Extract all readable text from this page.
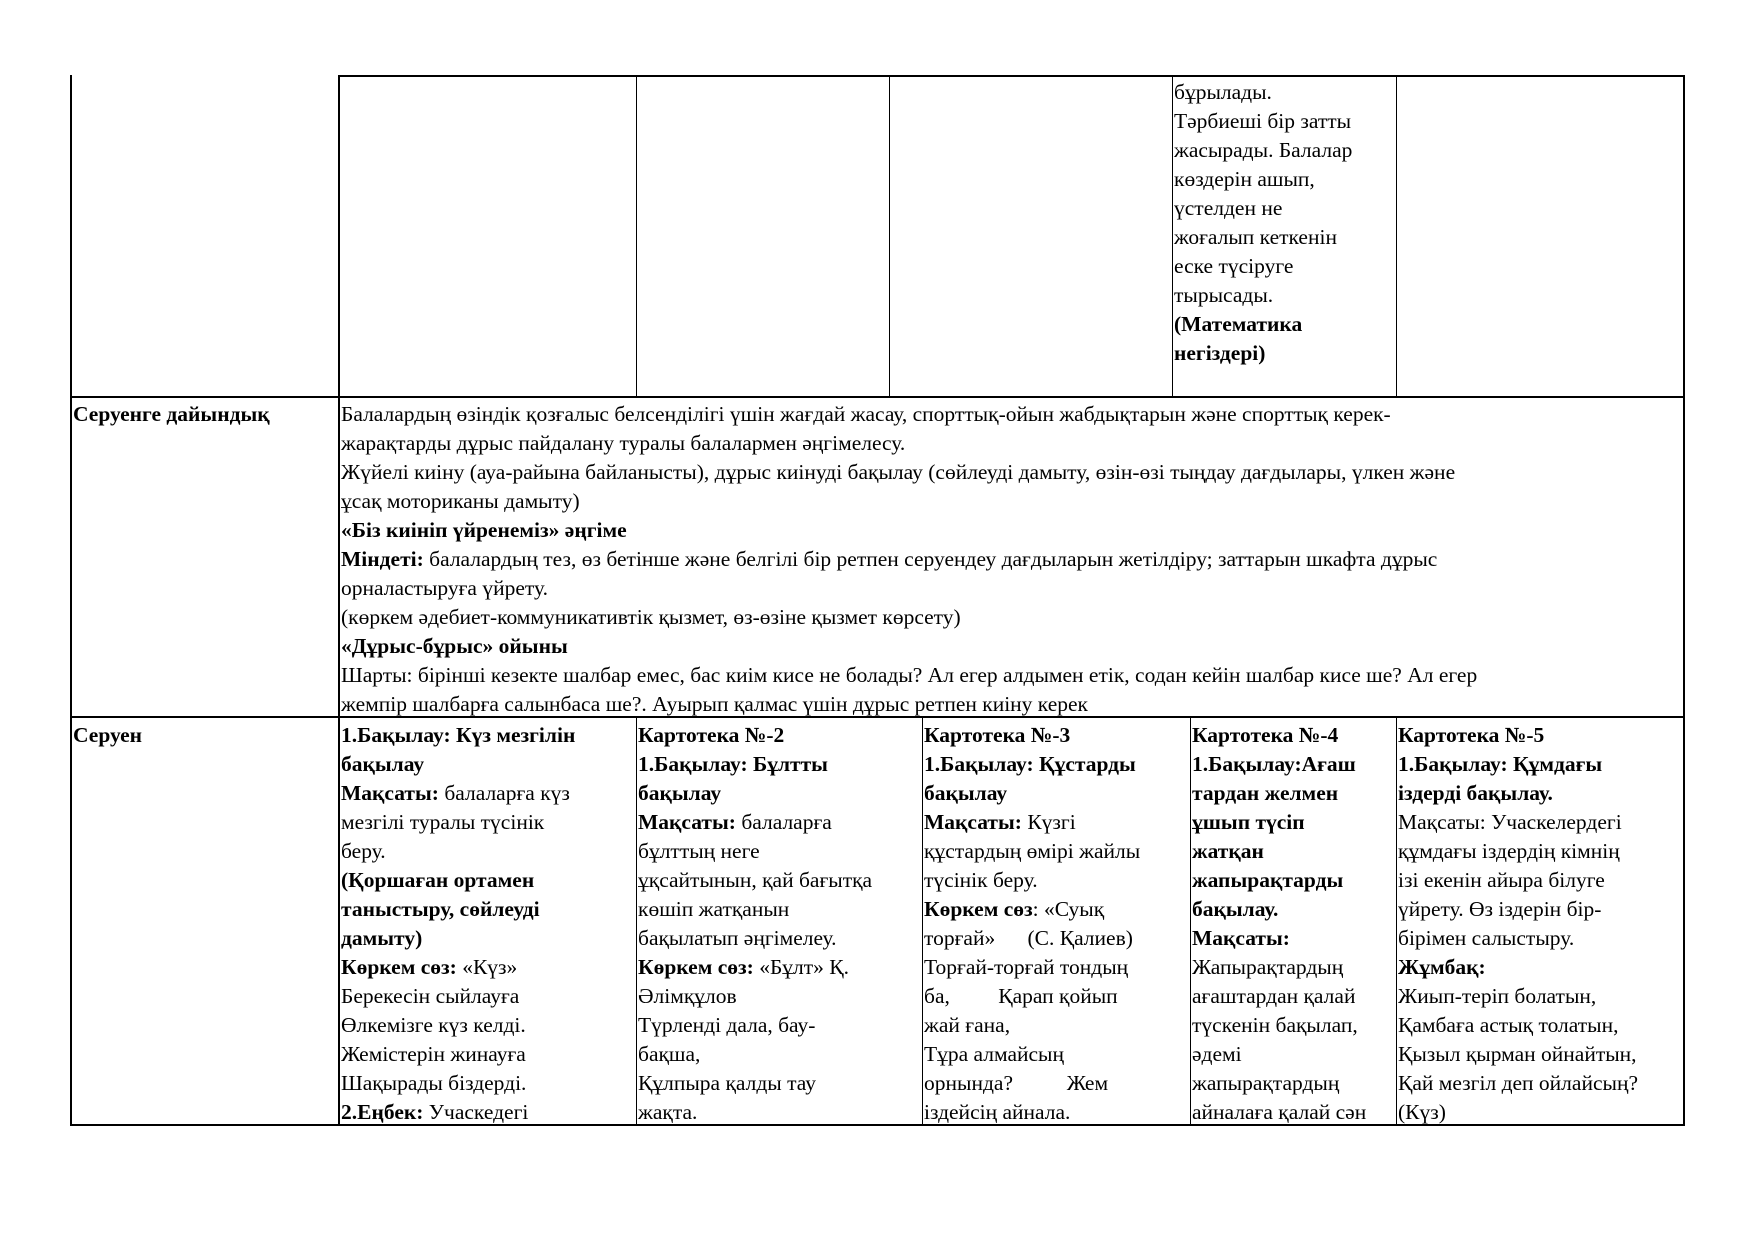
бұрылады.
Тәрбиеші бір затты
жасырады. Балалар
көздерін ашып,
үстелден не
жоғалып кеткенін
еске түсіруге
тырысады.
(Математика
негіздері)
Серуенге дайындық	Балалардың өзіндік қозғалыс белсенділігі үшін жағдай жасау, спорттық-ойын жабдықтарын және спорттық керек-
жарақтарды дұрыс пайдалану туралы балалармен әңгімелесу.
Жүйелі киіну (ауа-райына байланысты), дұрыс киінуді бақылау (сөйлеуді дамыту, өзін-өзі тыңдау дағдылары, үлкен және
ұсақ моториканы дамыту)
«Біз киініп үйренеміз» әңгіме
Міндеті: балалардың тез, өз бетінше және белгілі бір ретпен серуендеу дағдыларын жетілдіру; заттарын шкафта дұрыс
орналастыруға үйрету.
(көркем әдебиет-коммуникативтік қызмет, өз-өзіне қызмет көрсету)
«Дұрыс-бұрыс» ойыны
Шарты: бірінші кезекте шалбар емес, бас киім кисе не болады? Ал егер алдымен етік, содан кейін шалбар кисе ше? Ал егер
жемпір шалбарға салынбаса ше?. Ауырып қалмас үшін дұрыс ретпен киіну керек
Серуен	1.Бақылау: Күз мезгілін
бақылау
Мақсаты: балаларға күз
мезгілі туралы түсінік
беру.
(Қоршаған ортамен
таныстыру, сөйлеуді
дамыту)
Көркем сөз: «Күз»
Берекесін сыйлауға
Өлкемізге күз келді.
Жемістерін жинауға
Шақырады біздерді.
2.Еңбек: Учаскедегі
Картотека №-2
1.Бақылау: Бұлтты
бақылау
Мақсаты: балаларға
бұлттың неге
ұқсайтынын, қай бағытқа
көшіп жатқанын
бақылатып әңгімелеу.
Көркем сөз: «Бұлт» Қ.
Әлімқұлов
Түрленді дала, бау-
бақша,
Құлпыра қалды тау
жақта.
Картотека №-3
1.Бақылау: Құстарды
бақылау
Мақсаты: Күзгі
құстардың өмірі жайлы
түсінік беру.
Көркем сөз: «Суық
торғай»      (С. Қалиев)
Торғай-торғай тондың
ба,         Қарап қойып
жай ғана,
Тұра алмайсың
орнында?          Жем
іздейсің айнала.
Картотека №-4
1.Бақылау:Ағаш
тардан желмен
ұшып түсіп
жатқан
жапырақтарды
бақылау.
Мақсаты:
Жапырақтардың
ағаштардан қалай
түскенін бақылап,
әдемі
жапырақтардың
айналаға қалай сән
Картотека №-5
1.Бақылау: Құмдағы
іздерді бақылау.
Мақсаты: Учаскелердегі
құмдағы іздердің кімнің
ізі екенін айыра білуге
үйрету. Өз іздерін бір-
бірімен салыстыру.
Жұмбақ:
Жиып-теріп болатын,
Қамбаға астық толатын,
Қызыл қырман ойнайтын,
Қай мезгіл деп ойлайсың?
(Күз)
